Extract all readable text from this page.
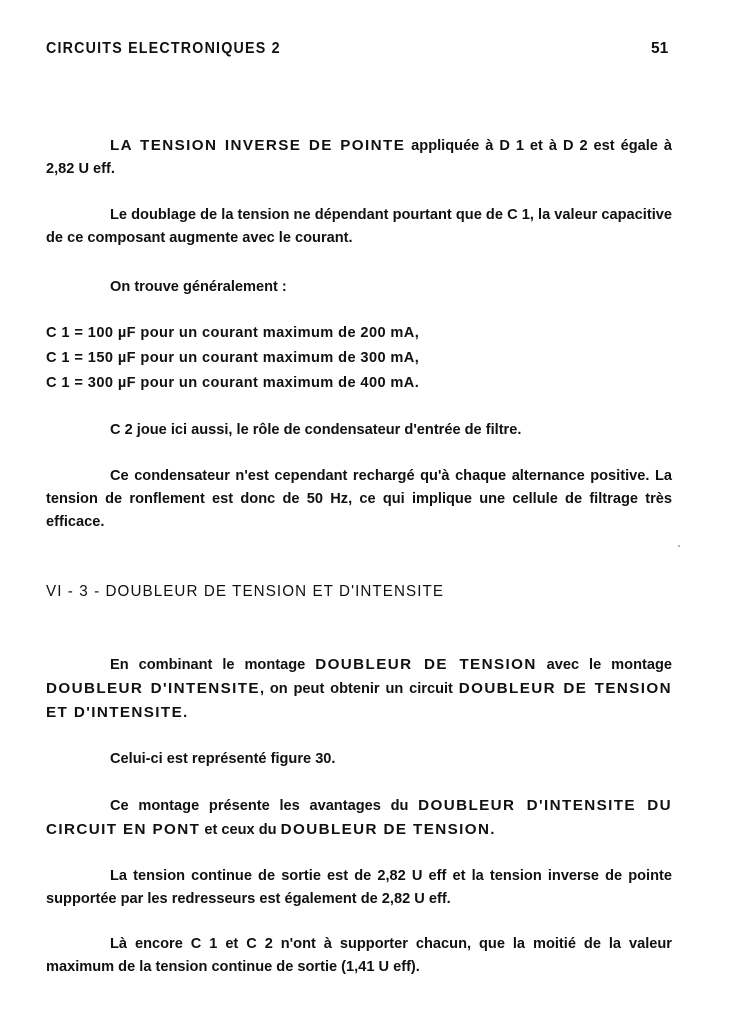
CIRCUITS ELECTRONIQUES 2	51

LA TENSION INVERSE DE POINTE appliquée à D 1 et à D 2 est égale à 2,82 U eff.

Le doublage de la tension ne dépendant pourtant que de C 1, la valeur capacitive de ce composant augmente avec le courant.

On trouve généralement :

C 1 = 100 µF pour un courant maximum de 200 mA,
C 1 = 150 µF pour un courant maximum de 300 mA,
C 1 = 300 µF pour un courant maximum de 400 mA.

C 2 joue ici aussi, le rôle de condensateur d'entrée de filtre.

Ce condensateur n'est cependant rechargé qu'à chaque alternance positive. La tension de ronflement est donc de 50 Hz, ce qui implique une cellule de filtrage très efficace.

VI - 3 - DOUBLEUR DE TENSION ET D'INTENSITE

En combinant le montage DOUBLEUR DE TENSION avec le montage DOUBLEUR D'INTENSITE, on peut obtenir un circuit DOUBLEUR DE TENSION ET D'INTENSITE.

Celui-ci est représenté figure 30.

Ce montage présente les avantages du DOUBLEUR D'INTENSITE DU CIRCUIT EN PONT et ceux du DOUBLEUR DE TENSION.

La tension continue de sortie est de 2,82 U eff et la tension inverse de pointe supportée par les redresseurs est également de 2,82 U eff.

Là encore C 1 et C 2 n'ont à supporter chacun, que la moitié de la valeur maximum de la tension continue de sortie (1,41 U eff).
